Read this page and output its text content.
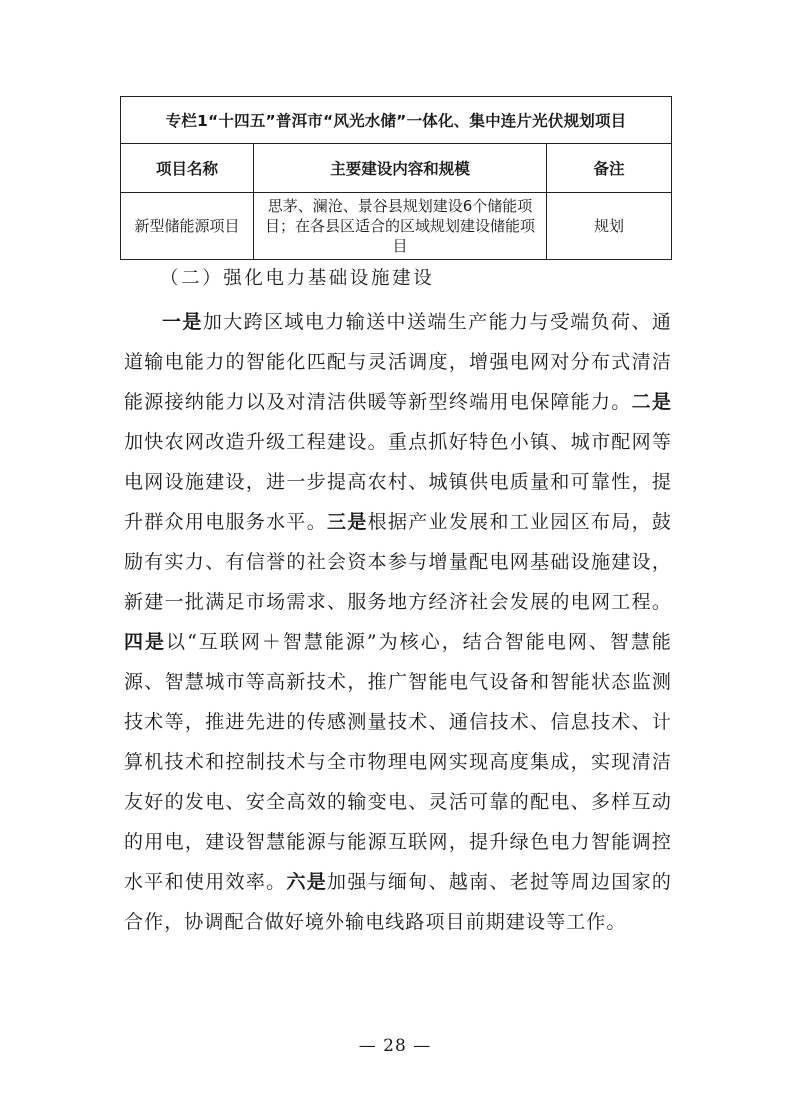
专栏1“十四五”普洱市“风光水储”一体化、集中连片光伏规划项目		
项目名称	主要建设内容和规模	备注
新型储能源项目	思茅、澜沧、景谷县规划建设6个储能项
目；在各县区适合的区域规划建设储能项
目	规划
（二）强化电力基础设施建设

一是加大跨区域电力输送中送端生产能力与受端负荷、通道输电能力的智能化匹配与灵活调度，增强电网对分布式清洁能源接纳能力以及对清洁供暖等新型终端用电保障能力。二是加快农网改造升级工程建设。重点抓好特色小镇、城市配网等电网设施建设，进一步提高农村、城镇供电质量和可靠性，提升群众用电服务水平。三是根据产业发展和工业园区布局，鼓励有实力、有信誉的社会资本参与增量配电网基础设施建设，新建一批满足市场需求、服务地方经济社会发展的电网工程。四是以“互联网＋智慧能源”为核心，结合智能电网、智慧能源、智慧城市等高新技术，推广智能电气设备和智能状态监测技术等，推进先进的传感测量技术、通信技术、信息技术、计算机技术和控制技术与全市物理电网实现高度集成，实现清洁友好的发电、安全高效的输变电、灵活可靠的配电、多样互动的用电，建设智慧能源与能源互联网，提升绿色电力智能调控水平和使用效率。六是加强与缅甸、越南、老挝等周边国家的合作，协调配合做好境外输电线路项目前期建设等工作。

— 28 —
